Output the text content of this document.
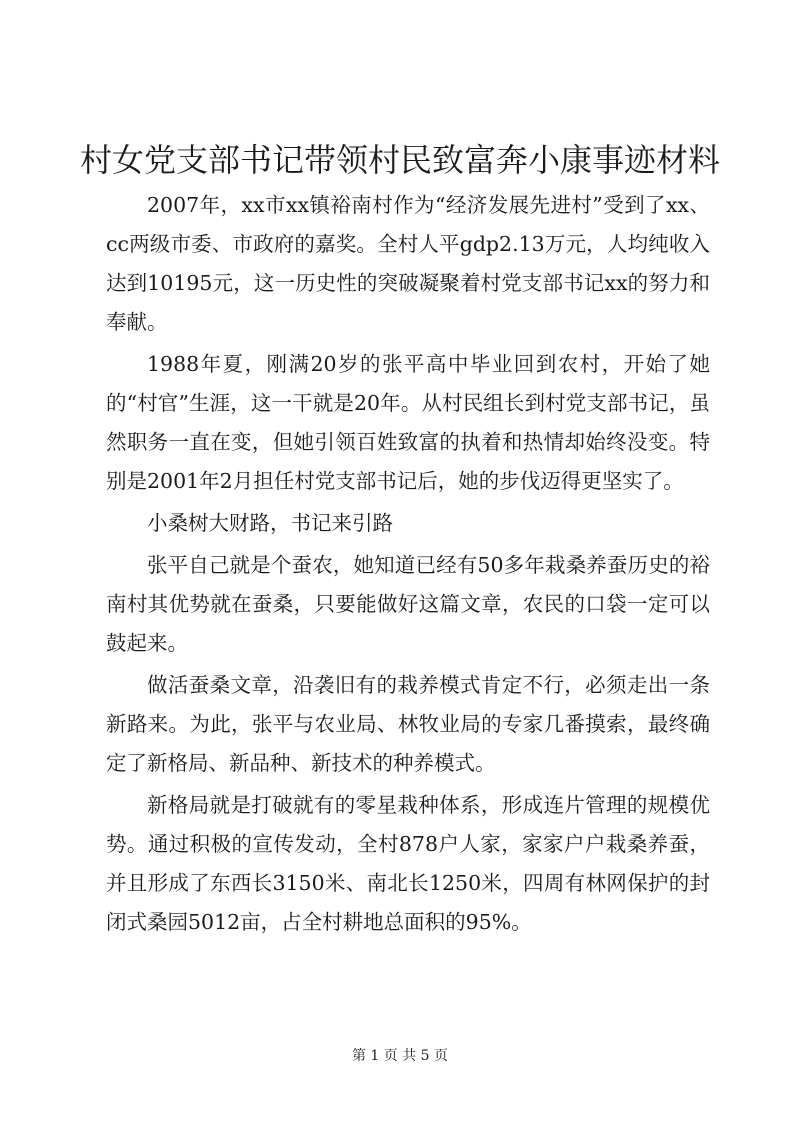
村女党支部书记带领村民致富奔小康事迹材料

2007年，xx市xx镇裕南村作为“经济发展先进村”受到了xx、cc两级市委、市政府的嘉奖。全村人平gdp2.13万元，人均纯收入达到10195元，这一历史性的突破凝聚着村党支部书记xx的努力和奉献。

1988年夏，刚满20岁的张平高中毕业回到农村，开始了她的“村官”生涯，这一干就是20年。从村民组长到村党支部书记，虽然职务一直在变，但她引领百姓致富的执着和热情却始终没变。特别是2001年2月担任村党支部书记后，她的步伐迈得更坚实了。

小桑树大财路，书记来引路

张平自己就是个蚕农，她知道已经有50多年栽桑养蚕历史的裕南村其优势就在蚕桑，只要能做好这篇文章，农民的口袋一定可以鼓起来。

做活蚕桑文章，沿袭旧有的栽养模式肯定不行，必须走出一条新路来。为此，张平与农业局、林牧业局的专家几番摸索，最终确定了新格局、新品种、新技术的种养模式。

新格局就是打破就有的零星栽种体系，形成连片管理的规模优势。通过积极的宣传发动，全村878户人家，家家户户栽桑养蚕，并且形成了东西长3150米、南北长1250米，四周有林网保护的封闭式桑园5012亩，占全村耕地总面积的95%。

第 1 页 共 5 页
